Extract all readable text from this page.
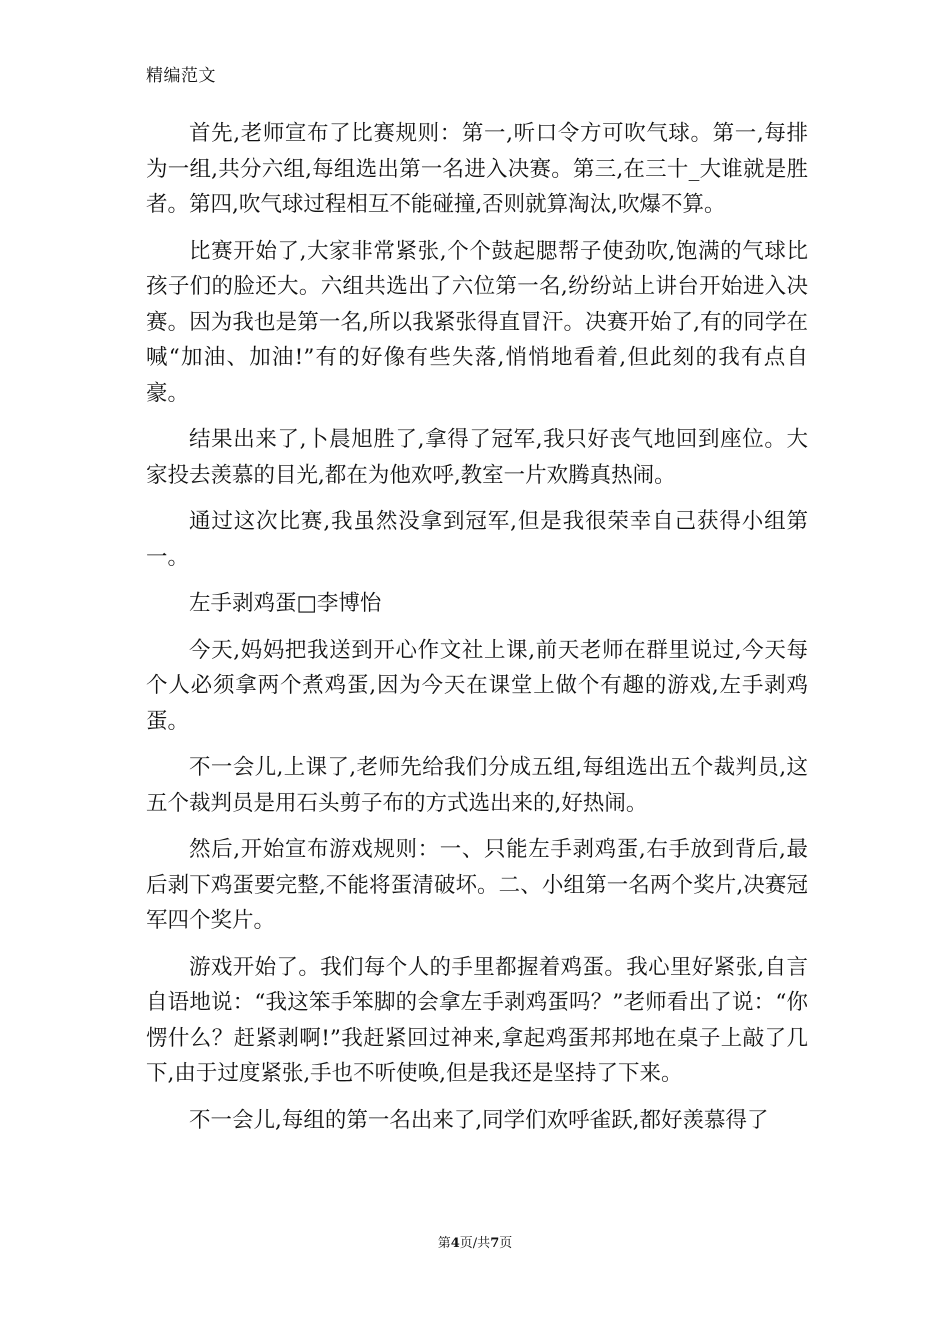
精编范文

首先,老师宣布了比赛规则：第一,听口令方可吹气球。第一,每排为一组,共分六组,每组选出第一名进入决赛。第三,在三十_大谁就是胜者。第四,吹气球过程相互不能碰撞,否则就算淘汰,吹爆不算。

比赛开始了,大家非常紧张,个个鼓起腮帮子使劲吹,饱满的气球比孩子们的脸还大。六组共选出了六位第一名,纷纷站上讲台开始进入决赛。因为我也是第一名,所以我紧张得直冒汗。决赛开始了,有的同学在喊“加油、加油!”有的好像有些失落,悄悄地看着,但此刻的我有点自豪。

结果出来了,卜晨旭胜了,拿得了冠军,我只好丧气地回到座位。大家投去羡慕的目光,都在为他欢呼,教室一片欢腾真热闹。

通过这次比赛,我虽然没拿到冠军,但是我很荣幸自己获得小组第一。

左手剥鸡蛋□李博怡

今天,妈妈把我送到开心作文社上课,前天老师在群里说过,今天每个人必须拿两个煮鸡蛋,因为今天在课堂上做个有趣的游戏,左手剥鸡蛋。

不一会儿,上课了,老师先给我们分成五组,每组选出五个裁判员,这五个裁判员是用石头剪子布的方式选出来的,好热闹。

然后,开始宣布游戏规则：一、只能左手剥鸡蛋,右手放到背后,最后剥下鸡蛋要完整,不能将蛋清破坏。二、小组第一名两个奖片,决赛冠军四个奖片。

游戏开始了。我们每个人的手里都握着鸡蛋。我心里好紧张,自言自语地说：“我这笨手笨脚的会拿左手剥鸡蛋吗？”老师看出了说：“你愣什么？赶紧剥啊!”我赶紧回过神来,拿起鸡蛋邦邦地在桌子上敲了几下,由于过度紧张,手也不听使唤,但是我还是坚持了下来。

不一会儿,每组的第一名出来了,同学们欢呼雀跃,都好羡慕得了

第4页/共7页
